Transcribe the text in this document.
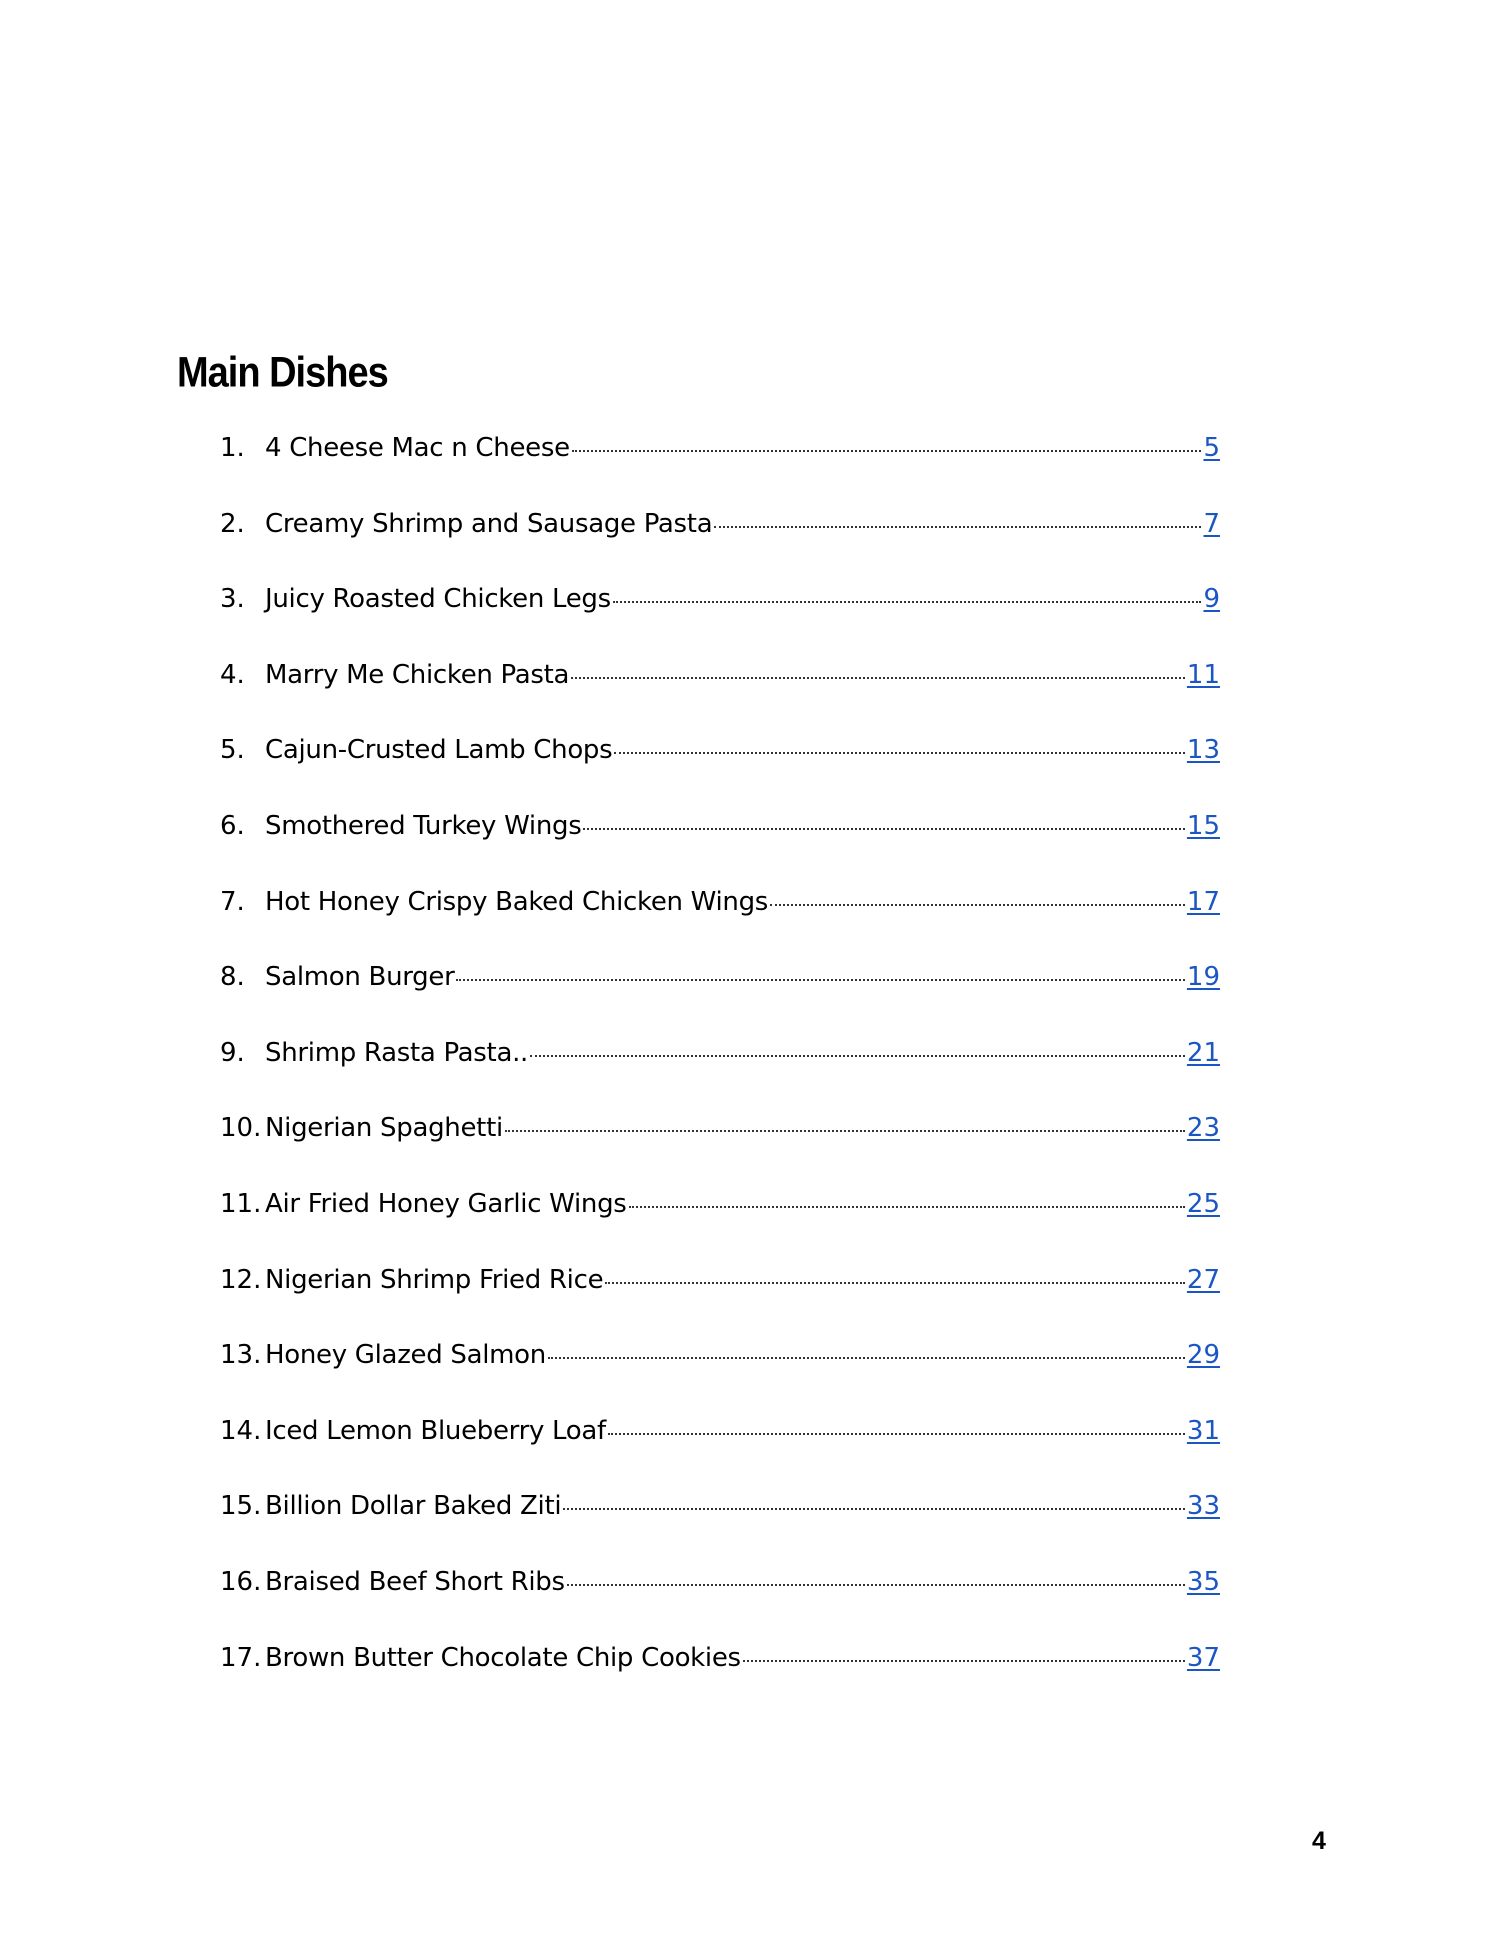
Main Dishes
1. 4 Cheese Mac n Cheese	5
2. Creamy Shrimp and Sausage Pasta	7
3. Juicy Roasted Chicken Legs	9
4. Marry Me Chicken Pasta	11
5. Cajun-Crusted Lamb Chops	13
6. Smothered Turkey Wings	15
7. Hot Honey Crispy Baked Chicken Wings	17
8. Salmon Burger	19
9. Shrimp Rasta Pasta..	21
10. Nigerian Spaghetti	23
11. Air Fried Honey Garlic Wings	25
12. Nigerian Shrimp Fried Rice	27
13. Honey Glazed Salmon	29
14. Iced Lemon Blueberry Loaf	31
15. Billion Dollar Baked Ziti	33
16. Braised Beef Short Ribs	35
17. Brown Butter Chocolate Chip Cookies	37
4
